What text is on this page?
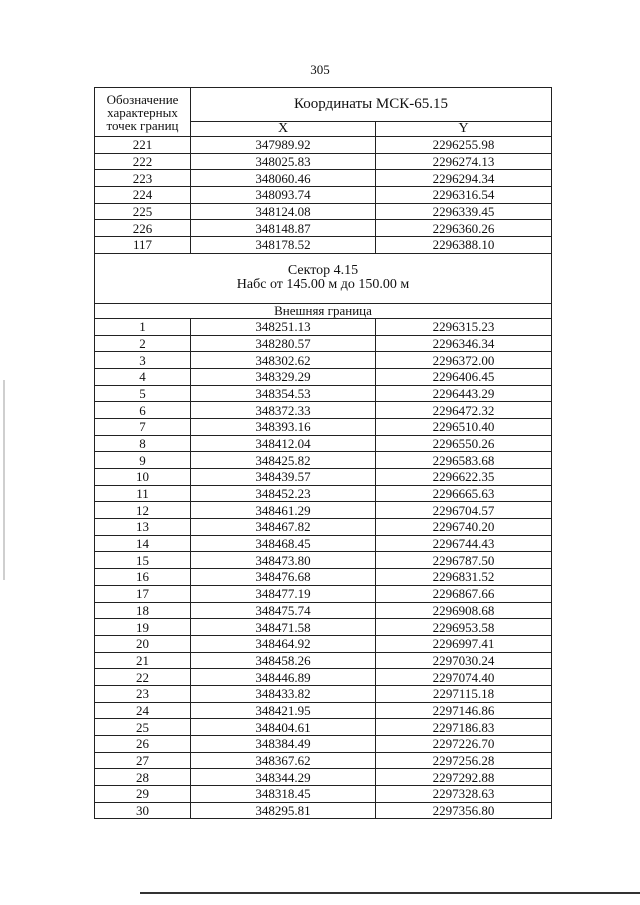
305
Обозначение характерных точек границ	Координаты МСК-65.15	
	X	Y
221	347989.92	2296255.98
222	348025.83	2296274.13
223	348060.46	2296294.34
224	348093.74	2296316.54
225	348124.08	2296339.45
226	348148.87	2296360.26
117	348178.52	2296388.10

Сектор 4.15
Набс от 145.00 м до 150.00 м		

Внешняя граница		
1	348251.13	2296315.23
2	348280.57	2296346.34
3	348302.62	2296372.00
4	348329.29	2296406.45
5	348354.53	2296443.29
6	348372.33	2296472.32
7	348393.16	2296510.40
8	348412.04	2296550.26
9	348425.82	2296583.68
10	348439.57	2296622.35
11	348452.23	2296665.63
12	348461.29	2296704.57
13	348467.82	2296740.20
14	348468.45	2296744.43
15	348473.80	2296787.50
16	348476.68	2296831.52
17	348477.19	2296867.66
18	348475.74	2296908.68
19	348471.58	2296953.58
20	348464.92	2296997.41
21	348458.26	2297030.24
22	348446.89	2297074.40
23	348433.82	2297115.18
24	348421.95	2297146.86
25	348404.61	2297186.83
26	348384.49	2297226.70
27	348367.62	2297256.28
28	348344.29	2297292.88
29	348318.45	2297328.63
30	348295.81	2297356.80
